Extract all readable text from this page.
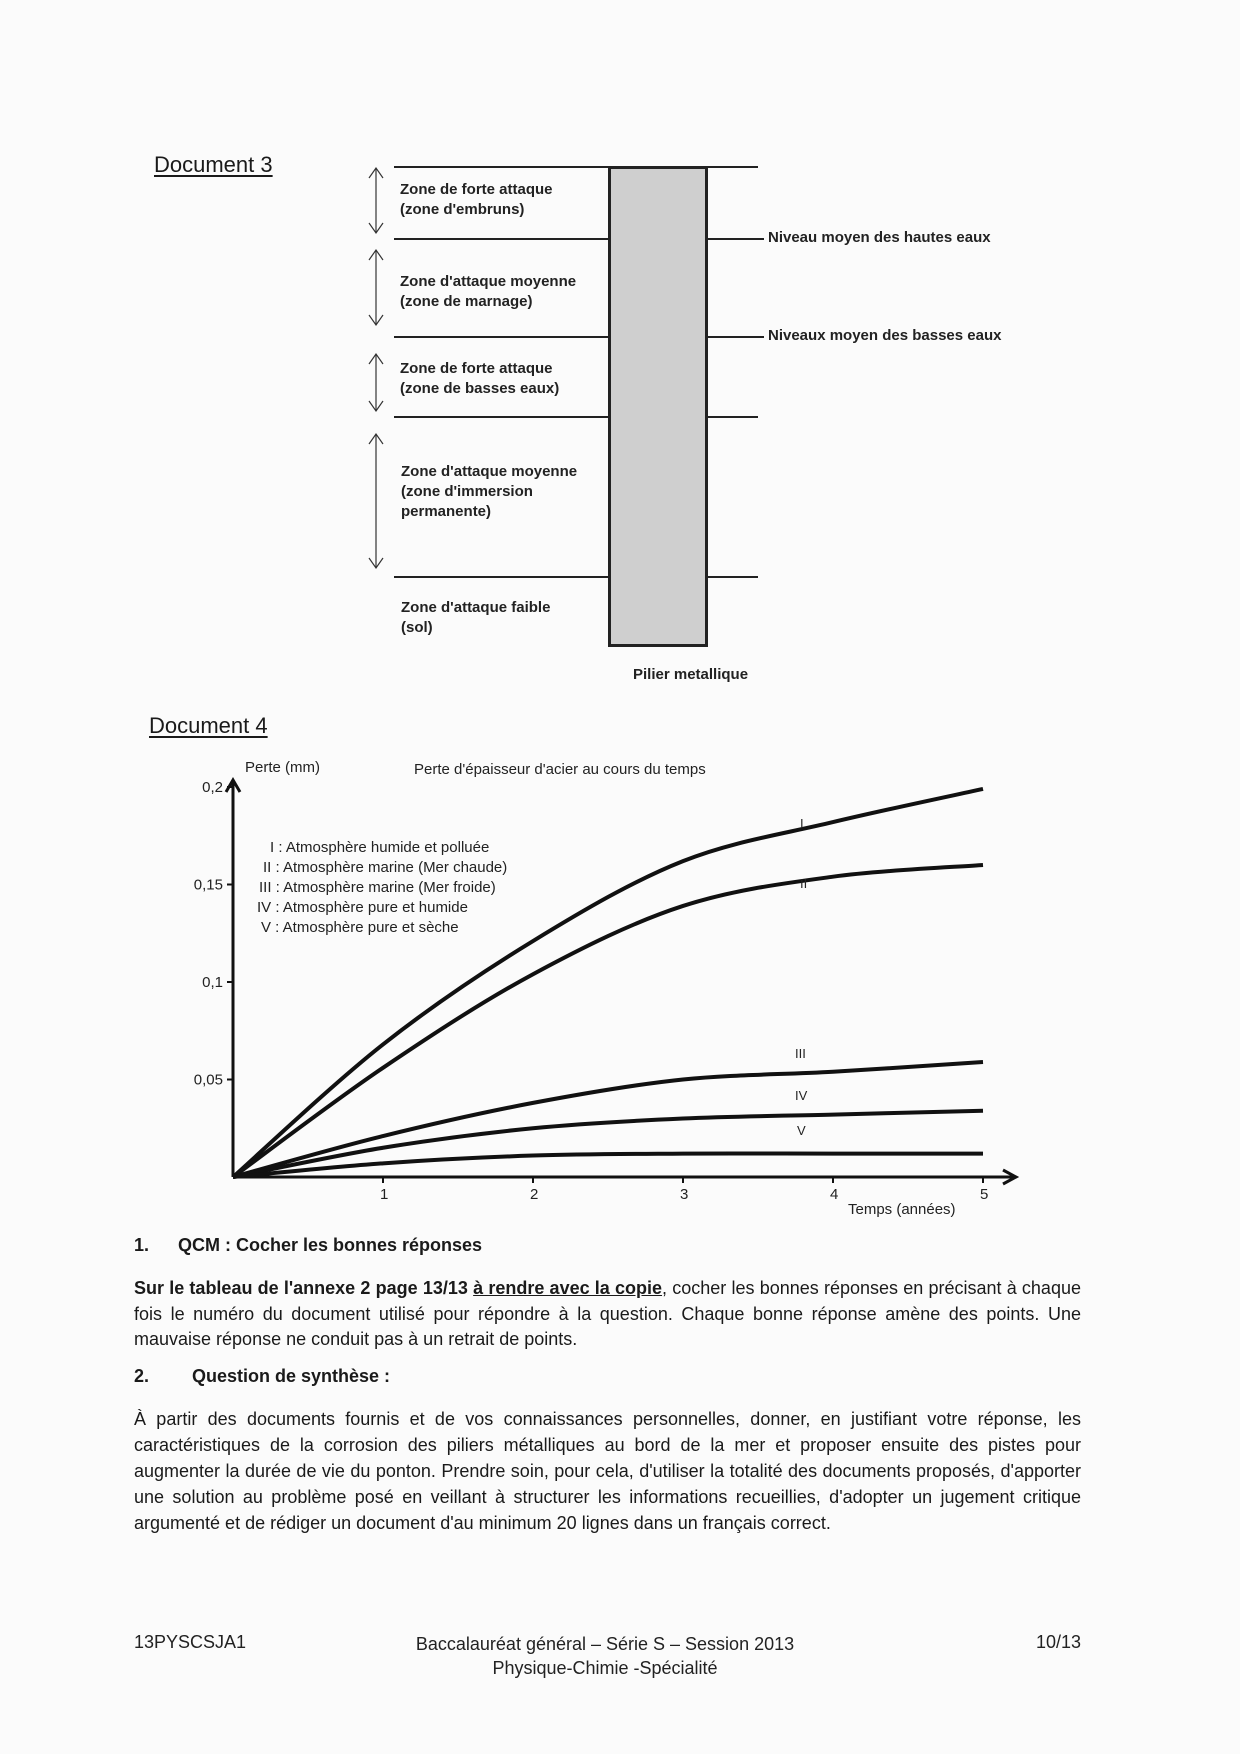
Document 3
Zone de forte attaque
(zone d'embruns)
Zone d'attaque moyenne
(zone de marnage)
Zone de forte attaque
(zone de basses eaux)
Zone d'attaque moyenne
(zone d'immersion
permanente)
Zone d'attaque faible
(sol)
Niveau moyen des hautes eaux
Niveaux moyen des basses eaux
Pilier metallique
Document 4
Perte (mm)	Perte d'épaisseur d'acier au cours du temps
Temps (années)
1	2	3	4	5
0,05
0,1
0,15
0,2
I
II
III
IV
V
I : Atmosphère humide et polluée
II : Atmosphère marine (Mer chaude)
III : Atmosphère marine (Mer froide)
IV : Atmosphère pure et humide
V : Atmosphère pure et sèche
1. QCM : Cocher les bonnes réponses
Sur le tableau de l'annexe 2 page 13/13 à rendre avec la copie, cocher les bonnes réponses en précisant à chaque fois le numéro du document utilisé pour répondre à la question. Chaque bonne réponse amène des points. Une mauvaise réponse ne conduit pas à un retrait de points.
2. Question de synthèse :
À partir des documents fournis et de vos connaissances personnelles, donner, en justifiant votre réponse, les caractéristiques de la corrosion des piliers métalliques au bord de la mer et proposer ensuite des pistes pour augmenter la durée de vie du ponton. Prendre soin, pour cela, d'utiliser la totalité des documents proposés, d'apporter une solution au problème posé en veillant à structurer les informations recueillies, d'adopter un jugement critique argumenté et de rédiger un document d'au minimum 20 lignes dans un français correct.
13PYSCSJA1	Baccalauréat général – Série S – Session 2013
Physique-Chimie -Spécialité
10/13
